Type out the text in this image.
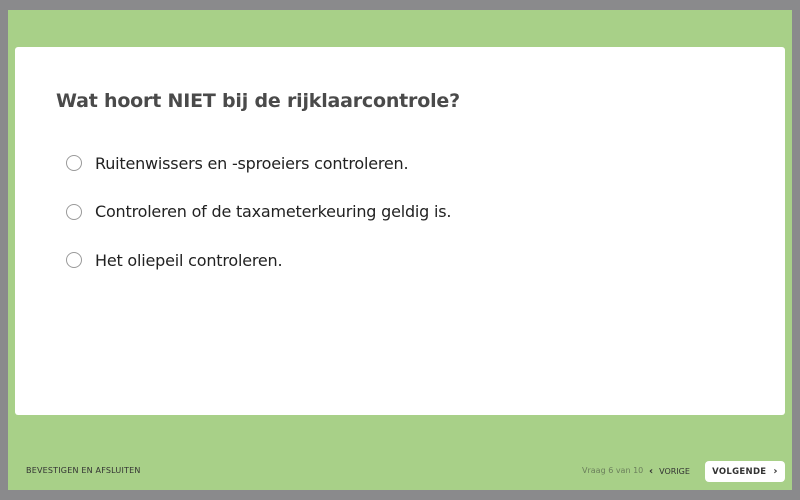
Wat hoort NIET bij de rijklaarcontrole?
Ruitenwissers en -sproeiers controleren.
Controleren of de taxameterkeuring geldig is.
Het oliepeil controleren.
BEVESTIGEN EN AFSLUITEN	Vraag 6 van 10 ‹ VORIGE	VOLGENDE ›
